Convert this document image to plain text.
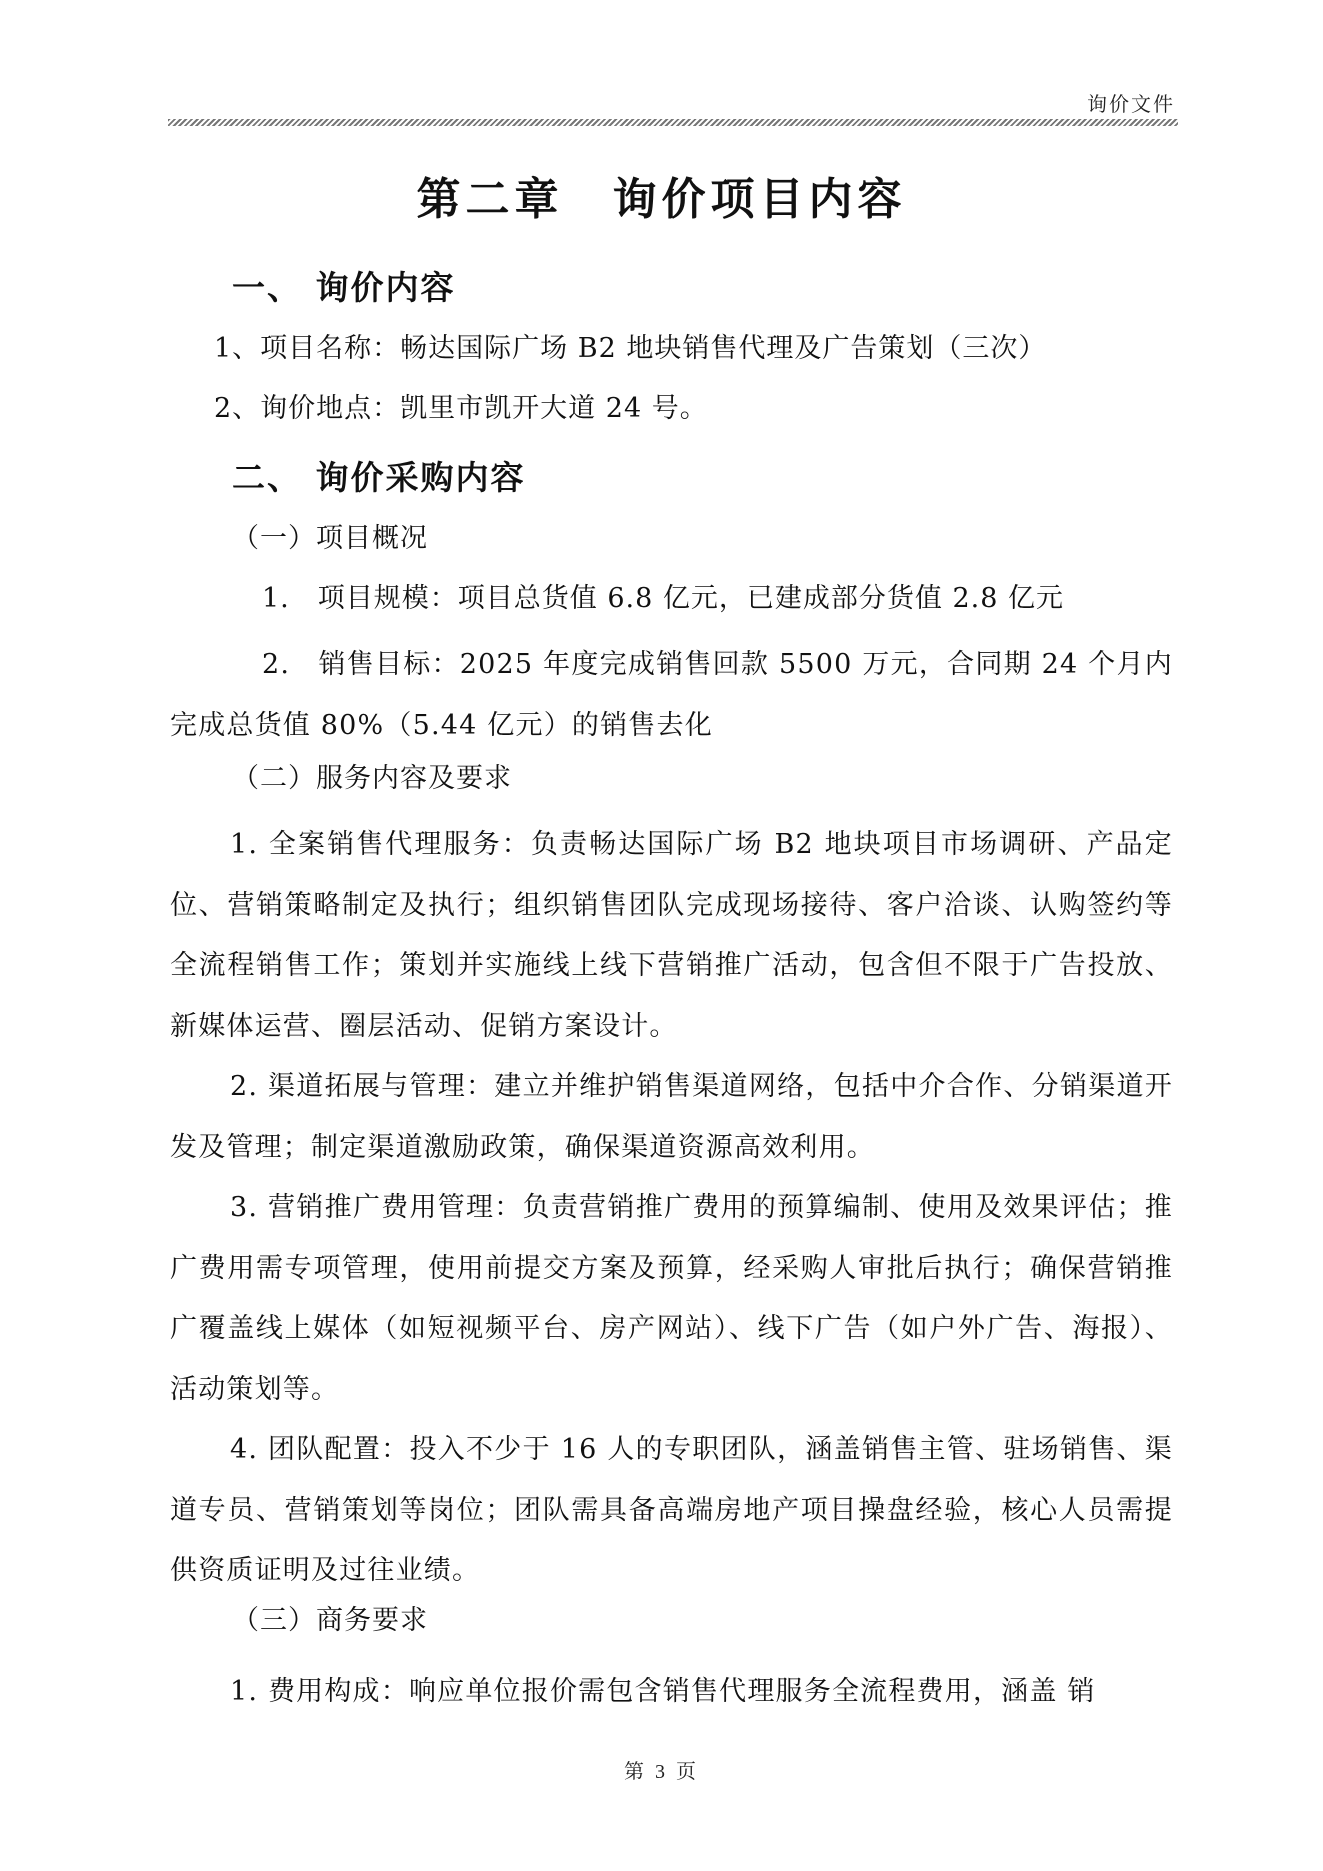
询价文件
第二章　询价项目内容
一、 询价内容
1、项目名称：畅达国际广场 B2 地块销售代理及广告策划（三次）
2、询价地点：凯里市凯开大道 24 号。
二、 询价采购内容
（一）项目概况
1.　项目规模：项目总货值 6.8 亿元，已建成部分货值 2.8 亿元
2.　销售目标：2025 年度完成销售回款 5500 万元，合同期 24 个月内完成总货值 80%（5.44 亿元）的销售去化
（二）服务内容及要求
1. 全案销售代理服务：负责畅达国际广场 B2 地块项目市场调研、产品定位、营销策略制定及执行；组织销售团队完成现场接待、客户洽谈、认购签约等全流程销售工作；策划并实施线上线下营销推广活动，包含但不限于广告投放、新媒体运营、圈层活动、促销方案设计。
2. 渠道拓展与管理：建立并维护销售渠道网络，包括中介合作、分销渠道开发及管理；制定渠道激励政策，确保渠道资源高效利用。
3. 营销推广费用管理：负责营销推广费用的预算编制、使用及效果评估；推广费用需专项管理，使用前提交方案及预算，经采购人审批后执行；确保营销推广覆盖线上媒体（如短视频平台、房产网站）、线下广告（如户外广告、海报）、活动策划等。
4. 团队配置：投入不少于 16 人的专职团队，涵盖销售主管、驻场销售、渠道专员、营销策划等岗位；团队需具备高端房地产项目操盘经验，核心人员需提供资质证明及过往业绩。
（三）商务要求
1. 费用构成：响应单位报价需包含销售代理服务全流程费用，涵盖 销
第 3 页
